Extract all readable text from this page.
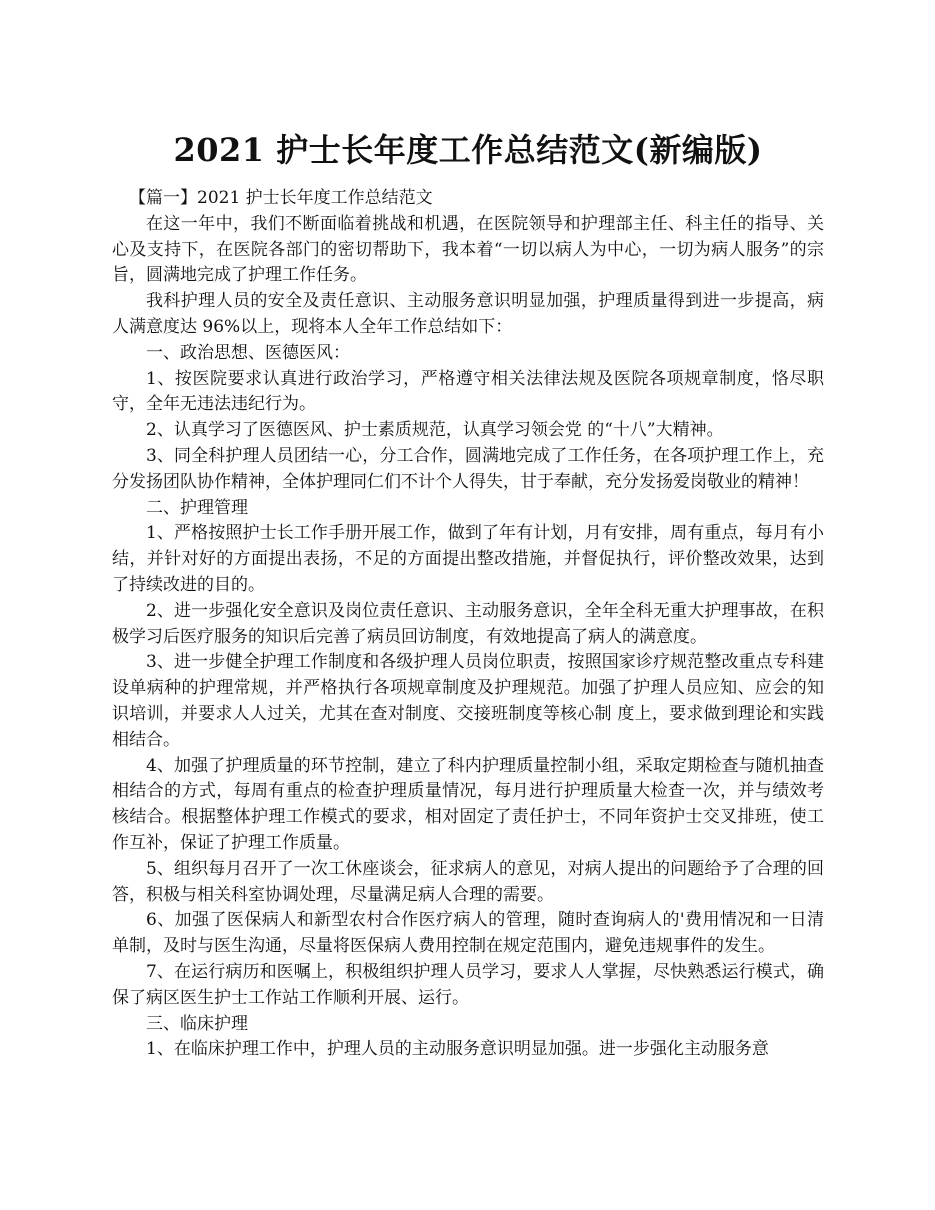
2021 护士长年度工作总结范文(新编版)

【篇一】2021 护士长年度工作总结范文

在这一年中，我们不断面临着挑战和机遇，在医院领导和护理部主任、科主任的指导、关心及支持下，在医院各部门的密切帮助下，我本着“一切以病人为中心，一切为病人服务”的宗旨，圆满地完成了护理工作任务。

我科护理人员的安全及责任意识、主动服务意识明显加强，护理质量得到进一步提高，病人满意度达 96%以上，现将本人全年工作总结如下：

一、政治思想、医德医风：

1、按医院要求认真进行政治学习，严格遵守相关法律法规及医院各项规章制度，恪尽职守，全年无违法违纪行为。

2、认真学习了医德医风、护士素质规范，认真学习领会党 的“十八”大精神。

3、同全科护理人员团结一心，分工合作，圆满地完成了工作任务，在各项护理工作上，充分发扬团队协作精神，全体护理同仁们不计个人得失，甘于奉献，充分发扬爱岗敬业的精神！

二、护理管理

1、严格按照护士长工作手册开展工作，做到了年有计划，月有安排，周有重点，每月有小结，并针对好的方面提出表扬，不足的方面提出整改措施，并督促执行，评价整改效果，达到了持续改进的目的。

2、进一步强化安全意识及岗位责任意识、主动服务意识，全年全科无重大护理事故，在积极学习后医疗服务的知识后完善了病员回访制度，有效地提高了病人的满意度。

3、进一步健全护理工作制度和各级护理人员岗位职责，按照国家诊疗规范整改重点专科建设单病种的护理常规，并严格执行各项规章制度及护理规范。加强了护理人员应知、应会的知识培训，并要求人人过关，尤其在查对制度、交接班制度等核心制 度上，要求做到理论和实践相结合。

4、加强了护理质量的环节控制，建立了科内护理质量控制小组，采取定期检查与随机抽查相结合的方式，每周有重点的检查护理质量情况，每月进行护理质量大检查一次，并与绩效考核结合。根据整体护理工作模式的要求，相对固定了责任护士，不同年资护士交叉排班，使工作互补，保证了护理工作质量。

5、组织每月召开了一次工休座谈会，征求病人的意见，对病人提出的问题给予了合理的回答，积极与相关科室协调处理，尽量满足病人合理的需要。

6、加强了医保病人和新型农村合作医疗病人的管理，随时查询病人的'费用情况和一日清单制，及时与医生沟通，尽量将医保病人费用控制在规定范围内，避免违规事件的发生。

7、在运行病历和医嘱上，积极组织护理人员学习，要求人人掌握，尽快熟悉运行模式，确保了病区医生护士工作站工作顺利开展、运行。

三、临床护理

1、在临床护理工作中，护理人员的主动服务意识明显加强。进一步强化主动服务意
